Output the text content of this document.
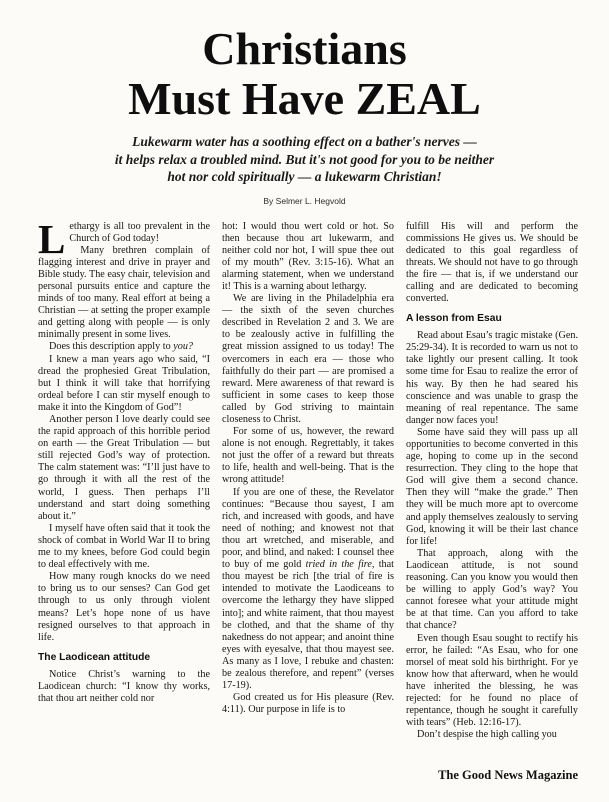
Christians
Must Have ZEAL
Lukewarm water has a soothing effect on a bather's nerves —
it helps relax a troubled mind. But it's not good for you to be neither
hot nor cold spiritually — a lukewarm Christian!
By Selmer L. Hegvold

Lethargy is all too prevalent in the Church of God today!

Many brethren complain of flagging interest and drive in prayer and Bible study. The easy chair, television and personal pursuits entice and capture the minds of too many. Real effort at being a Christian — at setting the proper example and getting along with people — is only minimally present in some lives.

Does this description apply to you?

I knew a man years ago who said, “I dread the prophesied Great Tribulation, but I think it will take that horrifying ordeal before I can stir myself enough to make it into the Kingdom of God”!

Another person I love dearly could see the rapid approach of this horrible period on earth — the Great Tribulation — but still rejected God’s way of protection. The calm statement was: “I’ll just have to go through it with all the rest of the world, I guess. Then perhaps I’ll understand and start doing something about it.”

I myself have often said that it took the shock of combat in World War II to bring me to my knees, before God could begin to deal effectively with me.

How many rough knocks do we need to bring us to our senses? Can God get through to us only through violent means? Let’s hope none of us have resigned ourselves to that approach in life.

The Laodicean attitude

Notice Christ’s warning to the Laodicean church: “I know thy works, that thou art neither cold nor

hot: I would thou wert cold or hot. So then because thou art lukewarm, and neither cold nor hot, I will spue thee out of my mouth” (Rev. 3:15-16). What an alarming statement, when we understand it! This is a warning about lethargy.

We are living in the Philadelphia era — the sixth of the seven churches described in Revelation 2 and 3. We are to be zealously active in fulfilling the great mission assigned to us today! The overcomers in each era — those who faithfully do their part — are promised a reward. Mere awareness of that reward is sufficient in some cases to keep those called by God striving to maintain closeness to Christ.

For some of us, however, the reward alone is not enough. Regrettably, it takes not just the offer of a reward but threats to life, health and well-being. That is the wrong attitude!

If you are one of these, the Revelator continues: “Because thou sayest, I am rich, and increased with goods, and have need of nothing; and knowest not that thou art wretched, and miserable, and poor, and blind, and naked: I counsel thee to buy of me gold tried in the fire, that thou mayest be rich [the trial of fire is intended to motivate the Laodiceans to overcome the lethargy they have slipped into]; and white raiment, that thou mayest be clothed, and that the shame of thy nakedness do not appear; and anoint thine eyes with eyesalve, that thou mayest see. As many as I love, I rebuke and chasten: be zealous therefore, and repent” (verses 17-19).

God created us for His pleasure (Rev. 4:11). Our purpose in life is to

fulfill His will and perform the commissions He gives us. We should be dedicated to this goal regardless of threats. We should not have to go through the fire — that is, if we understand our calling and are dedicated to becoming converted.

A lesson from Esau

Read about Esau’s tragic mistake (Gen. 25:29-34). It is recorded to warn us not to take lightly our present calling. It took some time for Esau to realize the error of his way. By then he had seared his conscience and was unable to grasp the meaning of real repentance. The same danger now faces you!

Some have said they will pass up all opportunities to become converted in this age, hoping to come up in the second resurrection. They cling to the hope that God will give them a second chance. Then they will “make the grade.” Then they will be much more apt to overcome and apply themselves zealously to serving God, knowing it will be their last chance for life!

That approach, along with the Laodicean attitude, is not sound reasoning. Can you know you would then be willing to apply God’s way? You cannot foresee what your attitude might be at that time. Can you afford to take that chance?

Even though Esau sought to rectify his error, he failed: “As Esau, who for one morsel of meat sold his birthright. For ye know how that afterward, when he would have inherited the blessing, he was rejected: for he found no place of repentance, though he sought it carefully with tears” (Heb. 12:16-17).

Don’t despise the high calling you

The Good News Magazine
